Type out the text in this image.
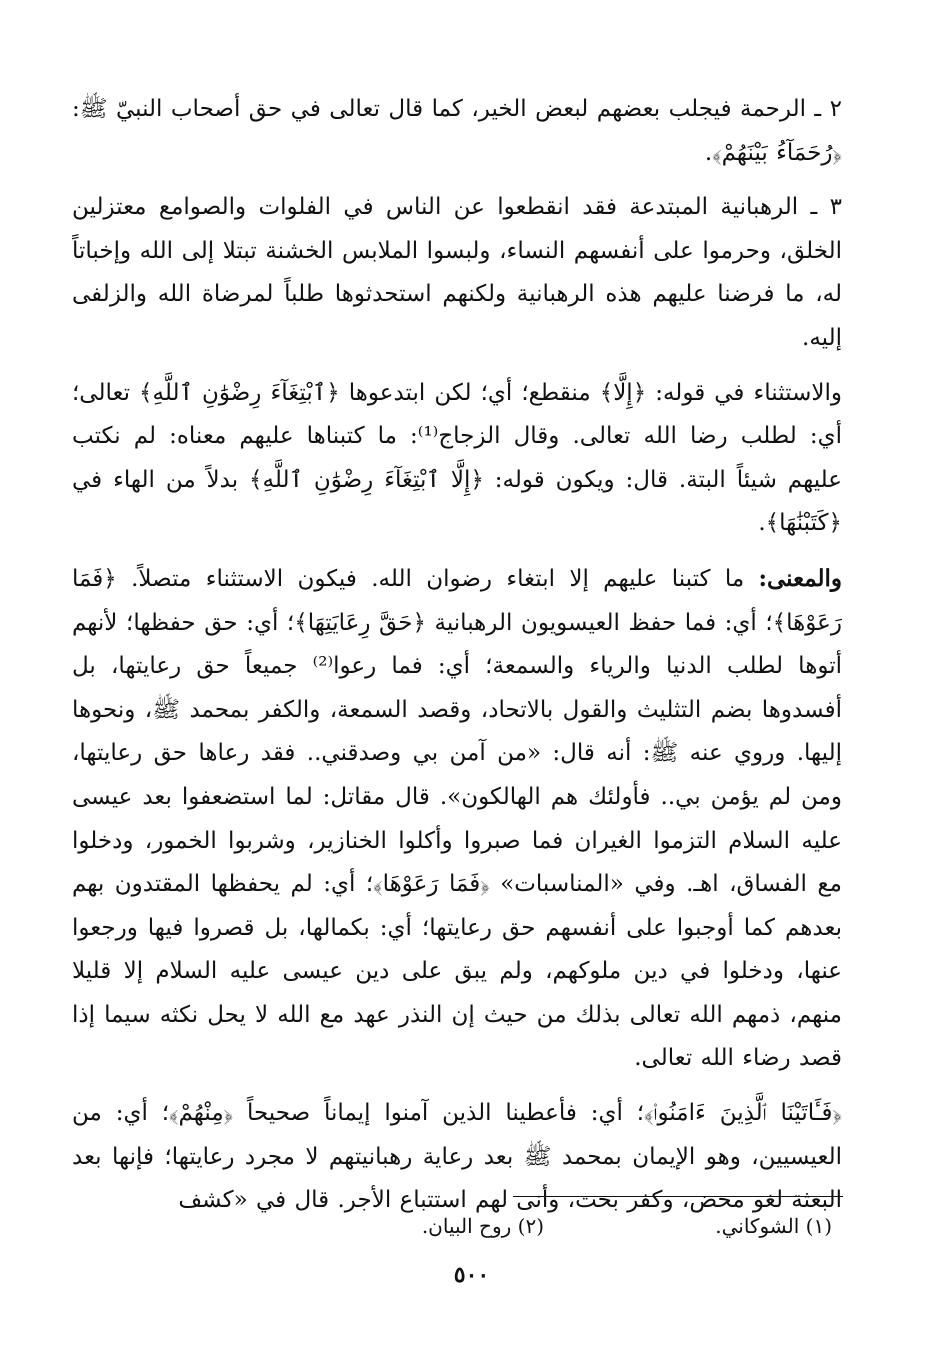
٢ ـ الرحمة فيجلب بعضهم لبعض الخير، كما قال تعالى في حق أصحاب النبيّ ﷺ: ﴿رُحَمَآءُ بَيْنَهُمْ﴾.

٣ ـ الرهبانية المبتدعة فقد انقطعوا عن الناس في الفلوات والصوامع معتزلين الخلق، وحرموا على أنفسهم النساء، ولبسوا الملابس الخشنة تبتلا إلى الله وإخباتاً له، ما فرضنا عليهم هذه الرهبانية ولكنهم استحدثوها طلباً لمرضاة الله والزلفى إليه.

والاستثناء في قوله: ﴿إِلَّا﴾ منقطع؛ أي؛ لكن ابتدعوها ﴿ٱبْتِغَآءَ رِضْوَٰنِ ٱللَّهِ﴾ تعالى؛ أي: لطلب رضا الله تعالى. وقال الزجاج⁽¹⁾: ما كتبناها عليهم معناه: لم نكتب عليهم شيئاً البتة. قال: ويكون قوله: ﴿إِلَّا ٱبْتِغَآءَ رِضْوَٰنِ ٱللَّهِ﴾ بدلاً من الهاء في ﴿كَتَبْنَٰهَا﴾.

والمعنى: ما كتبنا عليهم إلا ابتغاء رضوان الله. فيكون الاستثناء متصلاً. ﴿فَمَا رَعَوْهَا﴾؛ أي: فما حفظ العيسويون الرهبانية ﴿حَقَّ رِعَايَتِهَا﴾؛ أي: حق حفظها؛ لأنهم أتوها لطلب الدنيا والرياء والسمعة؛ أي: فما رعوا⁽²⁾ جميعاً حق رعايتها، بل أفسدوها بضم التثليث والقول بالاتحاد، وقصد السمعة، والكفر بمحمد ﷺ، ونحوها إليها. وروي عنه ﷺ: أنه قال: «من آمن بي وصدقني.. فقد رعاها حق رعايتها، ومن لم يؤمن بي.. فأولئك هم الهالكون». قال مقاتل: لما استضعفوا بعد عيسى عليه السلام التزموا الغيران فما صبروا وأكلوا الخنازير، وشربوا الخمور، ودخلوا مع الفساق، اهـ. وفي «المناسبات» ﴿فَمَا رَعَوْهَا﴾؛ أي: لم يحفظها المقتدون بهم بعدهم كما أوجبوا على أنفسهم حق رعايتها؛ أي: بكمالها، بل قصروا فيها ورجعوا عنها، ودخلوا في دين ملوكهم، ولم يبق على دين عيسى عليه السلام إلا قليلا منهم، ذمهم الله تعالى بذلك من حيث إن النذر عهد مع الله لا يحل نكثه سيما إذا قصد رضاء الله تعالى.

﴿فَـَٔاتَيْنَا ٱلَّذِينَ ءَامَنُوا۟﴾؛ أي: فأعطينا الذين آمنوا إيماناً صحيحاً ﴿مِنْهُمْ﴾؛ أي: من العيسيين، وهو الإيمان بمحمد ﷺ بعد رعاية رهبانيتهم لا مجرد رعايتها؛ فإنها بعد البعثة لغو محض، وكفر بحت، وأنى لهم استتباع الأجر. قال في «كشف

(١) الشوكاني.
(٢) روح البيان.
٥٠٠
